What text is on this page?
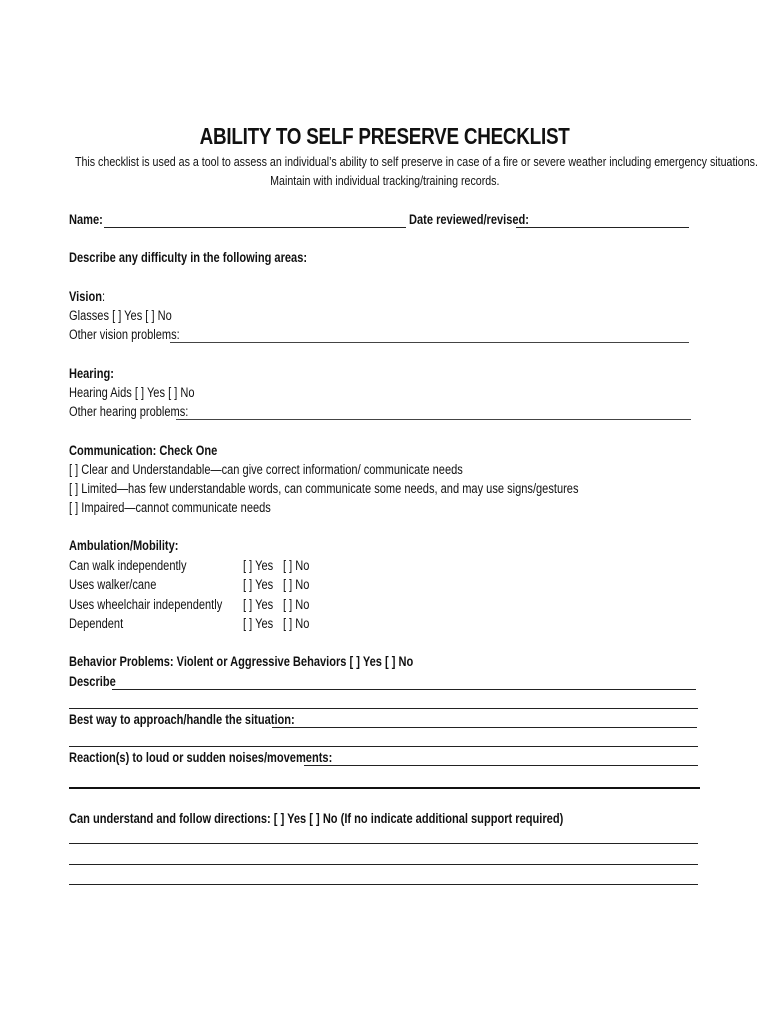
ABILITY TO SELF PRESERVE CHECKLIST
This checklist is used as a tool to assess an individual’s ability to self preserve in case of a fire or severe weather including emergency situations.
Maintain with individual tracking/training records.
Name:	Date reviewed/revised:
Describe any difficulty in the following areas:
Vision:
Glasses [ ] Yes [ ] No
Other vision problems:
Hearing:
Hearing Aids [ ] Yes [ ] No
Other hearing problems:
Communication: Check One
[ ] Clear and Understandable—can give correct information/ communicate needs
[ ] Limited—has few understandable words, can communicate some needs, and may use signs/gestures
[ ] Impaired—cannot communicate needs
Ambulation/Mobility:
Can walk independently	[ ] Yes [ ] No
Uses walker/cane	[ ] Yes [ ] No
Uses wheelchair independently	[ ] Yes [ ] No
Dependent	[ ] Yes [ ] No
Behavior Problems: Violent or Aggressive Behaviors [ ] Yes [ ] No
Describe
Best way to approach/handle the situation:
Reaction(s) to loud or sudden noises/movements:
Can understand and follow directions: [ ] Yes [ ] No (If no indicate additional support required)
